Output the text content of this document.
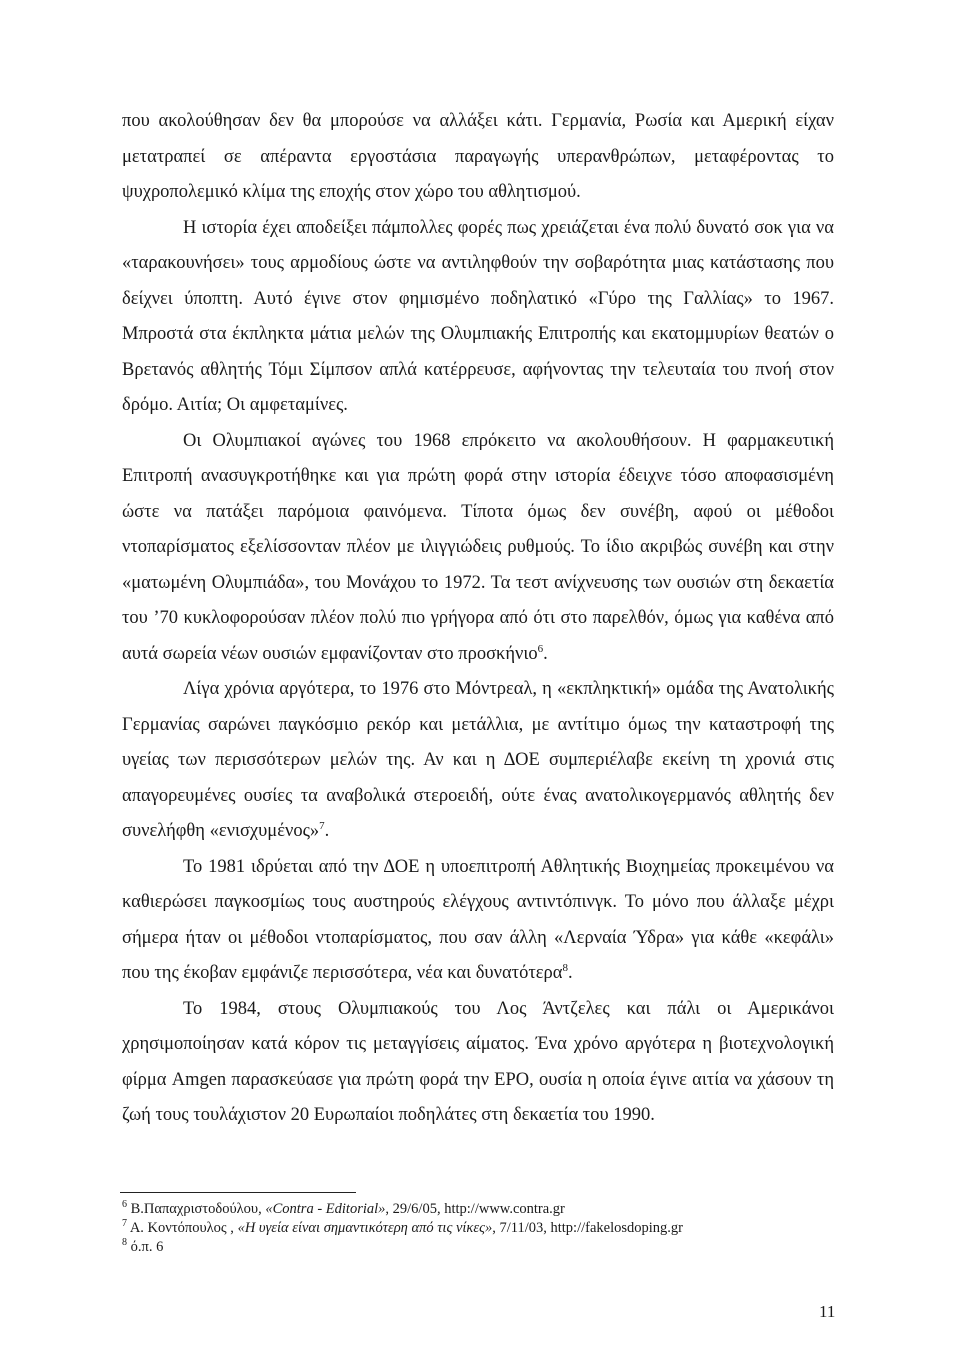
που ακολούθησαν δεν θα μπορούσε να αλλάξει κάτι. Γερμανία, Ρωσία και Αμερική είχαν μετατραπεί σε απέραντα εργοστάσια παραγωγής υπερανθρώπων, μεταφέροντας το ψυχροπολεμικό κλίμα της εποχής στον χώρο του αθλητισμού.

Η ιστορία έχει αποδείξει πάμπολλες φορές πως χρειάζεται ένα πολύ δυνατό σοκ για να «ταρακουνήσει» τους αρμοδίους ώστε να αντιληφθούν την σοβαρότητα μιας κατάστασης που δείχνει ύποπτη. Αυτό έγινε στον φημισμένο ποδηλατικό «Γύρο της Γαλλίας» το 1967. Μπροστά στα έκπληκτα μάτια μελών της Ολυμπιακής Επιτροπής και εκατομμυρίων θεατών ο Βρετανός αθλητής Τόμι Σίμπσον απλά κατέρρευσε, αφήνοντας την τελευταία του πνοή στον δρόμο. Αιτία; Οι αμφεταμίνες.

Οι Ολυμπιακοί αγώνες του 1968 επρόκειτο να ακολουθήσουν. Η φαρμακευτική Επιτροπή ανασυγκροτήθηκε και για πρώτη φορά στην ιστορία έδειχνε τόσο αποφασισμένη ώστε να πατάξει παρόμοια φαινόμενα. Τίποτα όμως δεν συνέβη, αφού οι μέθοδοι ντοπαρίσματος εξελίσσονταν πλέον με ιλιγγιώδεις ρυθμούς. Το ίδιο ακριβώς συνέβη και στην «ματωμένη Ολυμπιάδα», του Μονάχου το 1972. Τα τεστ ανίχνευσης των ουσιών στη δεκαετία του ’70 κυκλοφορούσαν πλέον πολύ πιο γρήγορα από ότι στο παρελθόν, όμως για καθένα από αυτά σωρεία νέων ουσιών εμφανίζονταν στο προσκήνιο$^6$.

Λίγα χρόνια αργότερα, το 1976 στο Μόντρεαλ, η «εκπληκτική» ομάδα της Ανατολικής Γερμανίας σαρώνει παγκόσμιο ρεκόρ και μετάλλια, με αντίτιμο όμως την καταστροφή της υγείας των περισσότερων μελών της. Αν και η ΔΟΕ συμπεριέλαβε εκείνη τη χρονιά στις απαγορευμένες ουσίες τα αναβολικά στεροειδή, ούτε ένας ανατολικογερμανός αθλητής δεν συνελήφθη «ενισχυμένος»$^7$.

Το 1981 ιδρύεται από την ΔΟΕ η υποεπιτροπή Αθλητικής Βιοχημείας προκειμένου να καθιερώσει παγκοσμίως τους αυστηρούς ελέγχους αντιντόπινγκ. Το μόνο που άλλαξε μέχρι σήμερα ήταν οι μέθοδοι ντοπαρίσματος, που σαν άλλη «Λερναία Ύδρα» για κάθε «κεφάλι» που της έκοβαν εμφάνιζε περισσότερα, νέα και δυνατότερα$^8$.

Το 1984, στους Ολυμπιακούς του Λος Άντζελες και πάλι οι Αμερικάνοι χρησιμοποίησαν κατά κόρον τις μεταγγίσεις αίματος. Ένα χρόνο αργότερα η βιοτεχνολογική φίρμα Amgen παρασκεύασε για πρώτη φορά την EPO, ουσία η οποία έγινε αιτία να χάσουν τη ζωή τους τουλάχιστον 20 Ευρωπαίοι ποδηλάτες στη δεκαετία του 1990.

$^6$ Β.Παπαχριστοδούλου, «Contra - Editorial», 29/6/05, http://www.contra.gr

$^7$ Α. Κοντόπουλος , «Η υγεία είναι σημαντικότερη από τις νίκες», 7/11/03, http://fakelosdoping.gr

$^8$ ό.π. 6

11
